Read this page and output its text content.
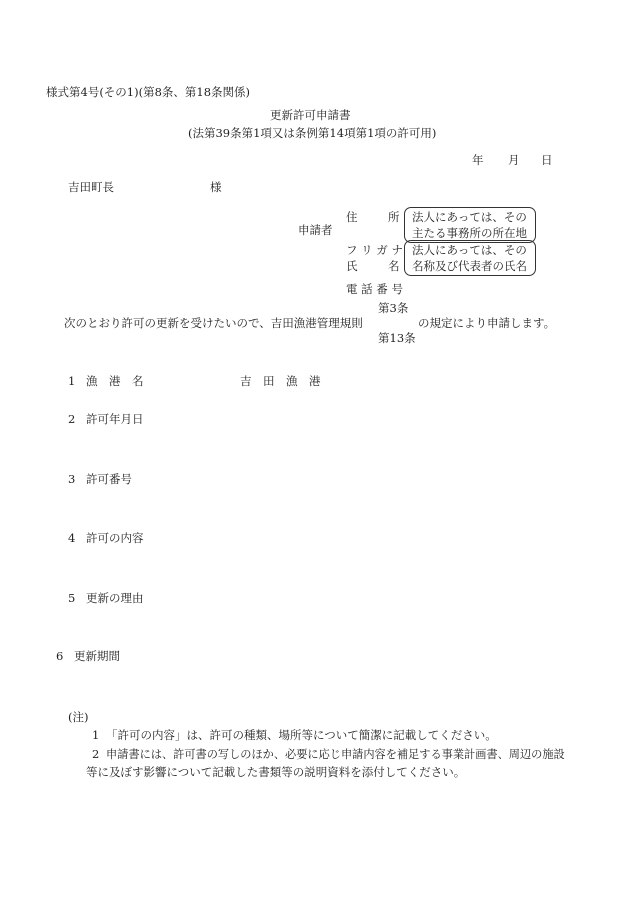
様式第4号(その1)(第8条、第18条関係)
更新許可申請書
(法第39条第1項又は条例第14項第1項の許可用)
年 月 日
吉田町長	様
申請者
住	所 法人にあっては、その
主たる事務所の所在地
フ リ ガ ナ
氏	名
法人にあっては、その
名称及び代表者の氏名
電 話 番 号
第3条
次のとおり許可の更新を受けたいので、吉田漁港管理規則	の規定により申請します。
第13条
1 漁　港　名	吉　田　漁　港
2 許可年月日
3 許可番号
4 許可の内容
5 更新の理由
6 更新期間
(注)
1 「許可の内容」は、許可の種類、場所等について簡潔に記載してください。
2 申請書には、許可書の写しのほか、必要に応じ申請内容を補足する事業計画書、周辺の施設
等に及ぼす影響について記載した書類等の説明資料を添付してください。
